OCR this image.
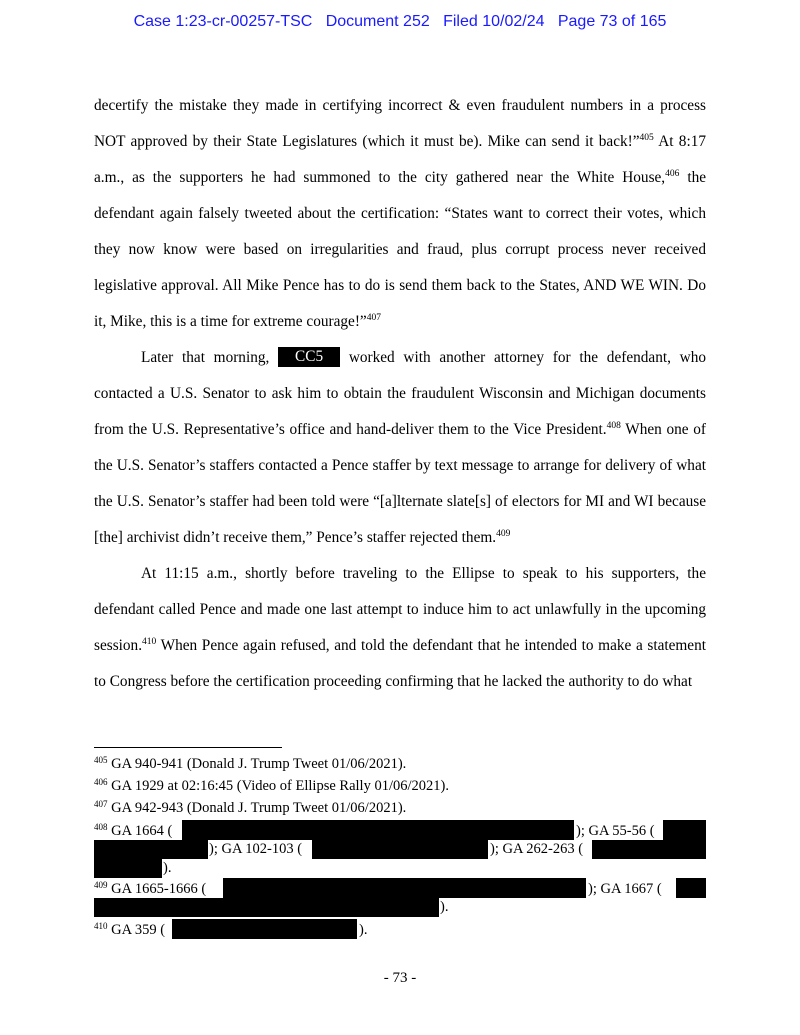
Case 1:23-cr-00257-TSC Document 252 Filed 10/02/24 Page 73 of 165

decertify the mistake they made in certifying incorrect & even fraudulent numbers in a process NOT approved by their State Legislatures (which it must be). Mike can send it back!”$^{405}$ At 8:17 a.m., as the supporters he had summoned to the city gathered near the White House,$^{406}$ the defendant again falsely tweeted about the certification: “States want to correct their votes, which they now know were based on irregularities and fraud, plus corrupt process never received legislative approval. All Mike Pence has to do is send them back to the States, AND WE WIN. Do it, Mike, this is a time for extreme courage!”$^{407}$

Later that morning, CC5 worked with another attorney for the defendant, who contacted a U.S. Senator to ask him to obtain the fraudulent Wisconsin and Michigan documents from the U.S. Representative’s office and hand-deliver them to the Vice President.$^{408}$ When one of the U.S. Senator’s staffers contacted a Pence staffer by text message to arrange for delivery of what the U.S. Senator’s staffer had been told were “[a]lternate slate[s] of electors for MI and WI because [the] archivist didn’t receive them,” Pence’s staffer rejected them.$^{409}$

At 11:15 a.m., shortly before traveling to the Ellipse to speak to his supporters, the defendant called Pence and made one last attempt to induce him to act unlawfully in the upcoming session.$^{410}$ When Pence again refused, and told the defendant that he intended to make a statement to Congress before the certification proceeding confirming that he lacked the authority to do what

$^{405}$ GA 940-941 (Donald J. Trump Tweet 01/06/2021).
$^{406}$ GA 1929 at 02:16:45 (Video of Ellipse Rally 01/06/2021).
$^{407}$ GA 942-943 (Donald J. Trump Tweet 01/06/2021).
$^{408}$ GA 1664 (	); GA 55-56 (
); GA 102-103 (	); GA 262-263 (
).
$^{409}$ GA 1665-1666 (	); GA 1667 (
).
$^{410}$ GA 359 (	).
- 73 -
